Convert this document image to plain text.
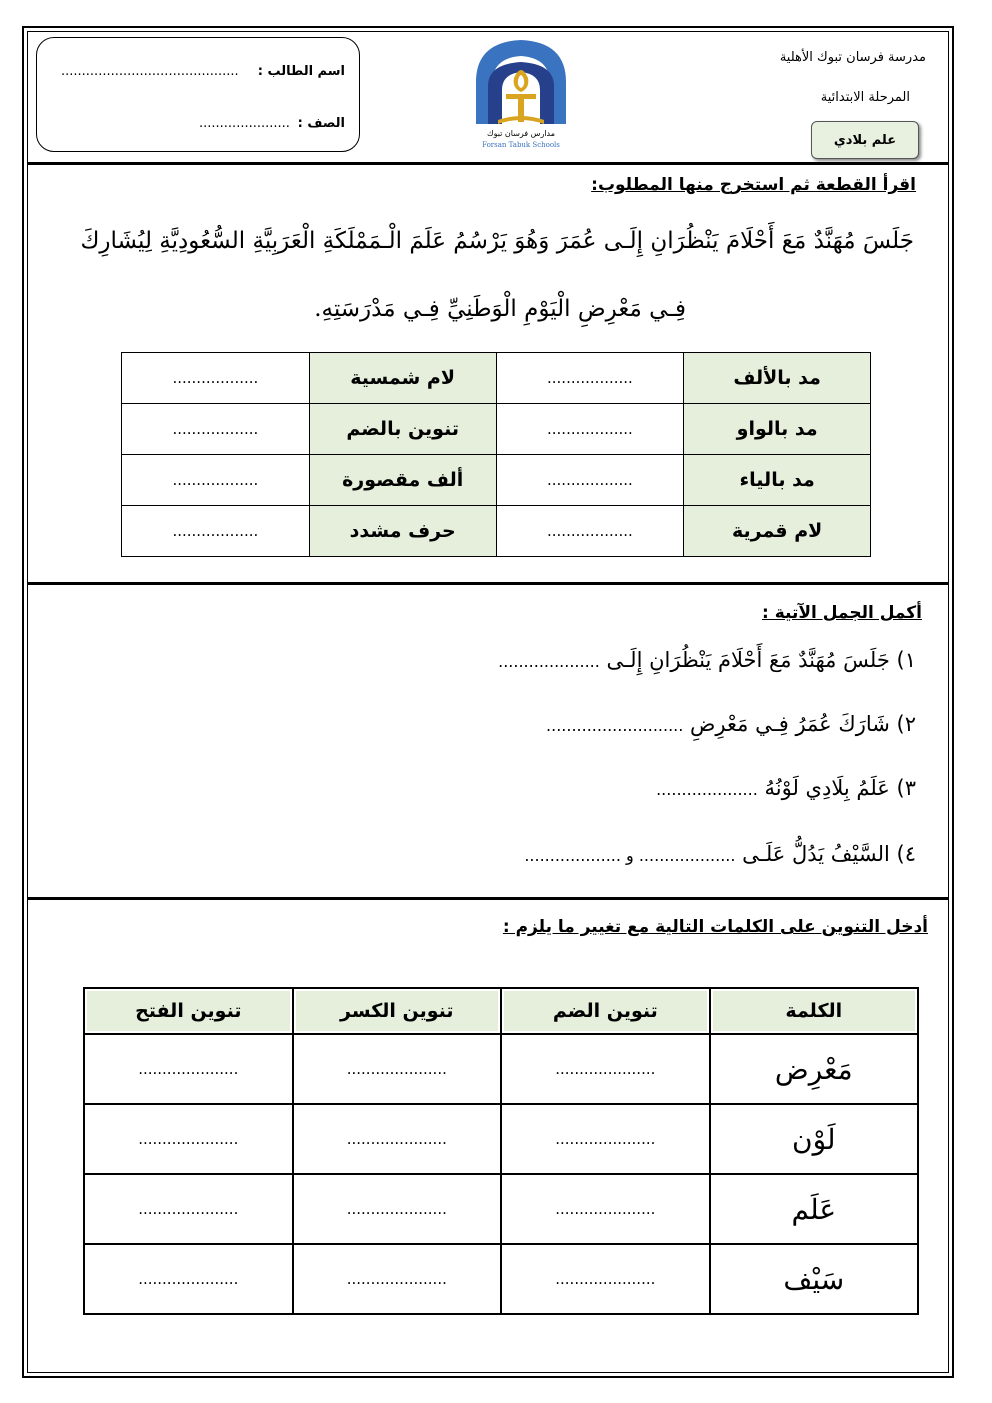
مدرسة فرسان تبوك الأهلية
المرحلة الابتدائية
علم بلادي
اسم الطالب :
...........................................
الصف :
......................
مدارس فرسان تبوك
Forsan Tabuk Schools
اقرأ القطعة ثم استخرج منها المطلوب:
جَلَسَ مُهَنَّدٌ مَعَ أَحْلَامَ يَنْظُرَانِ إِلَـى عُمَرَ وَهُوَ يَرْسُمُ عَلَمَ الْـمَمْلَكَةِ الْعَرَبِيَّةِ السُّعُودِيَّةِ لِيُشَارِكَ
فِـي مَعْرِضِ الْيَوْمِ الْوَطَنِيِّ فِـي مَدْرَسَتِهِ.
مد بالألف	..................	لام شمسية	..................
مد بالواو	..................	تنوين بالضم	..................
مد بالياء	..................	ألف مقصورة	..................
لام قمرية	..................	حرف مشدد	..................
أكمل الجمل الآتية :
١) جَلَسَ مُهَنَّدٌ مَعَ أَحْلَامَ يَنْظُرَانِ إِلَـى ....................
٢) شَارَكَ عُمَرُ فِـي مَعْرِضِ ...........................
٣) عَلَمُ بِلَادِي لَوْنُهُ ....................
٤) السَّيْفُ يَدُلُّ عَلَـى ................... و ...................
أدخل التنوين على الكلمات التالية مع تغيير ما يلزم :
الكلمة	تنوين الضم	تنوين الكسر	تنوين الفتح
مَعْرِض	.....................	.....................	.....................
لَوْن	.....................	.....................	.....................
عَلَم	.....................	.....................	.....................
سَيْف	.....................	.....................	.....................
